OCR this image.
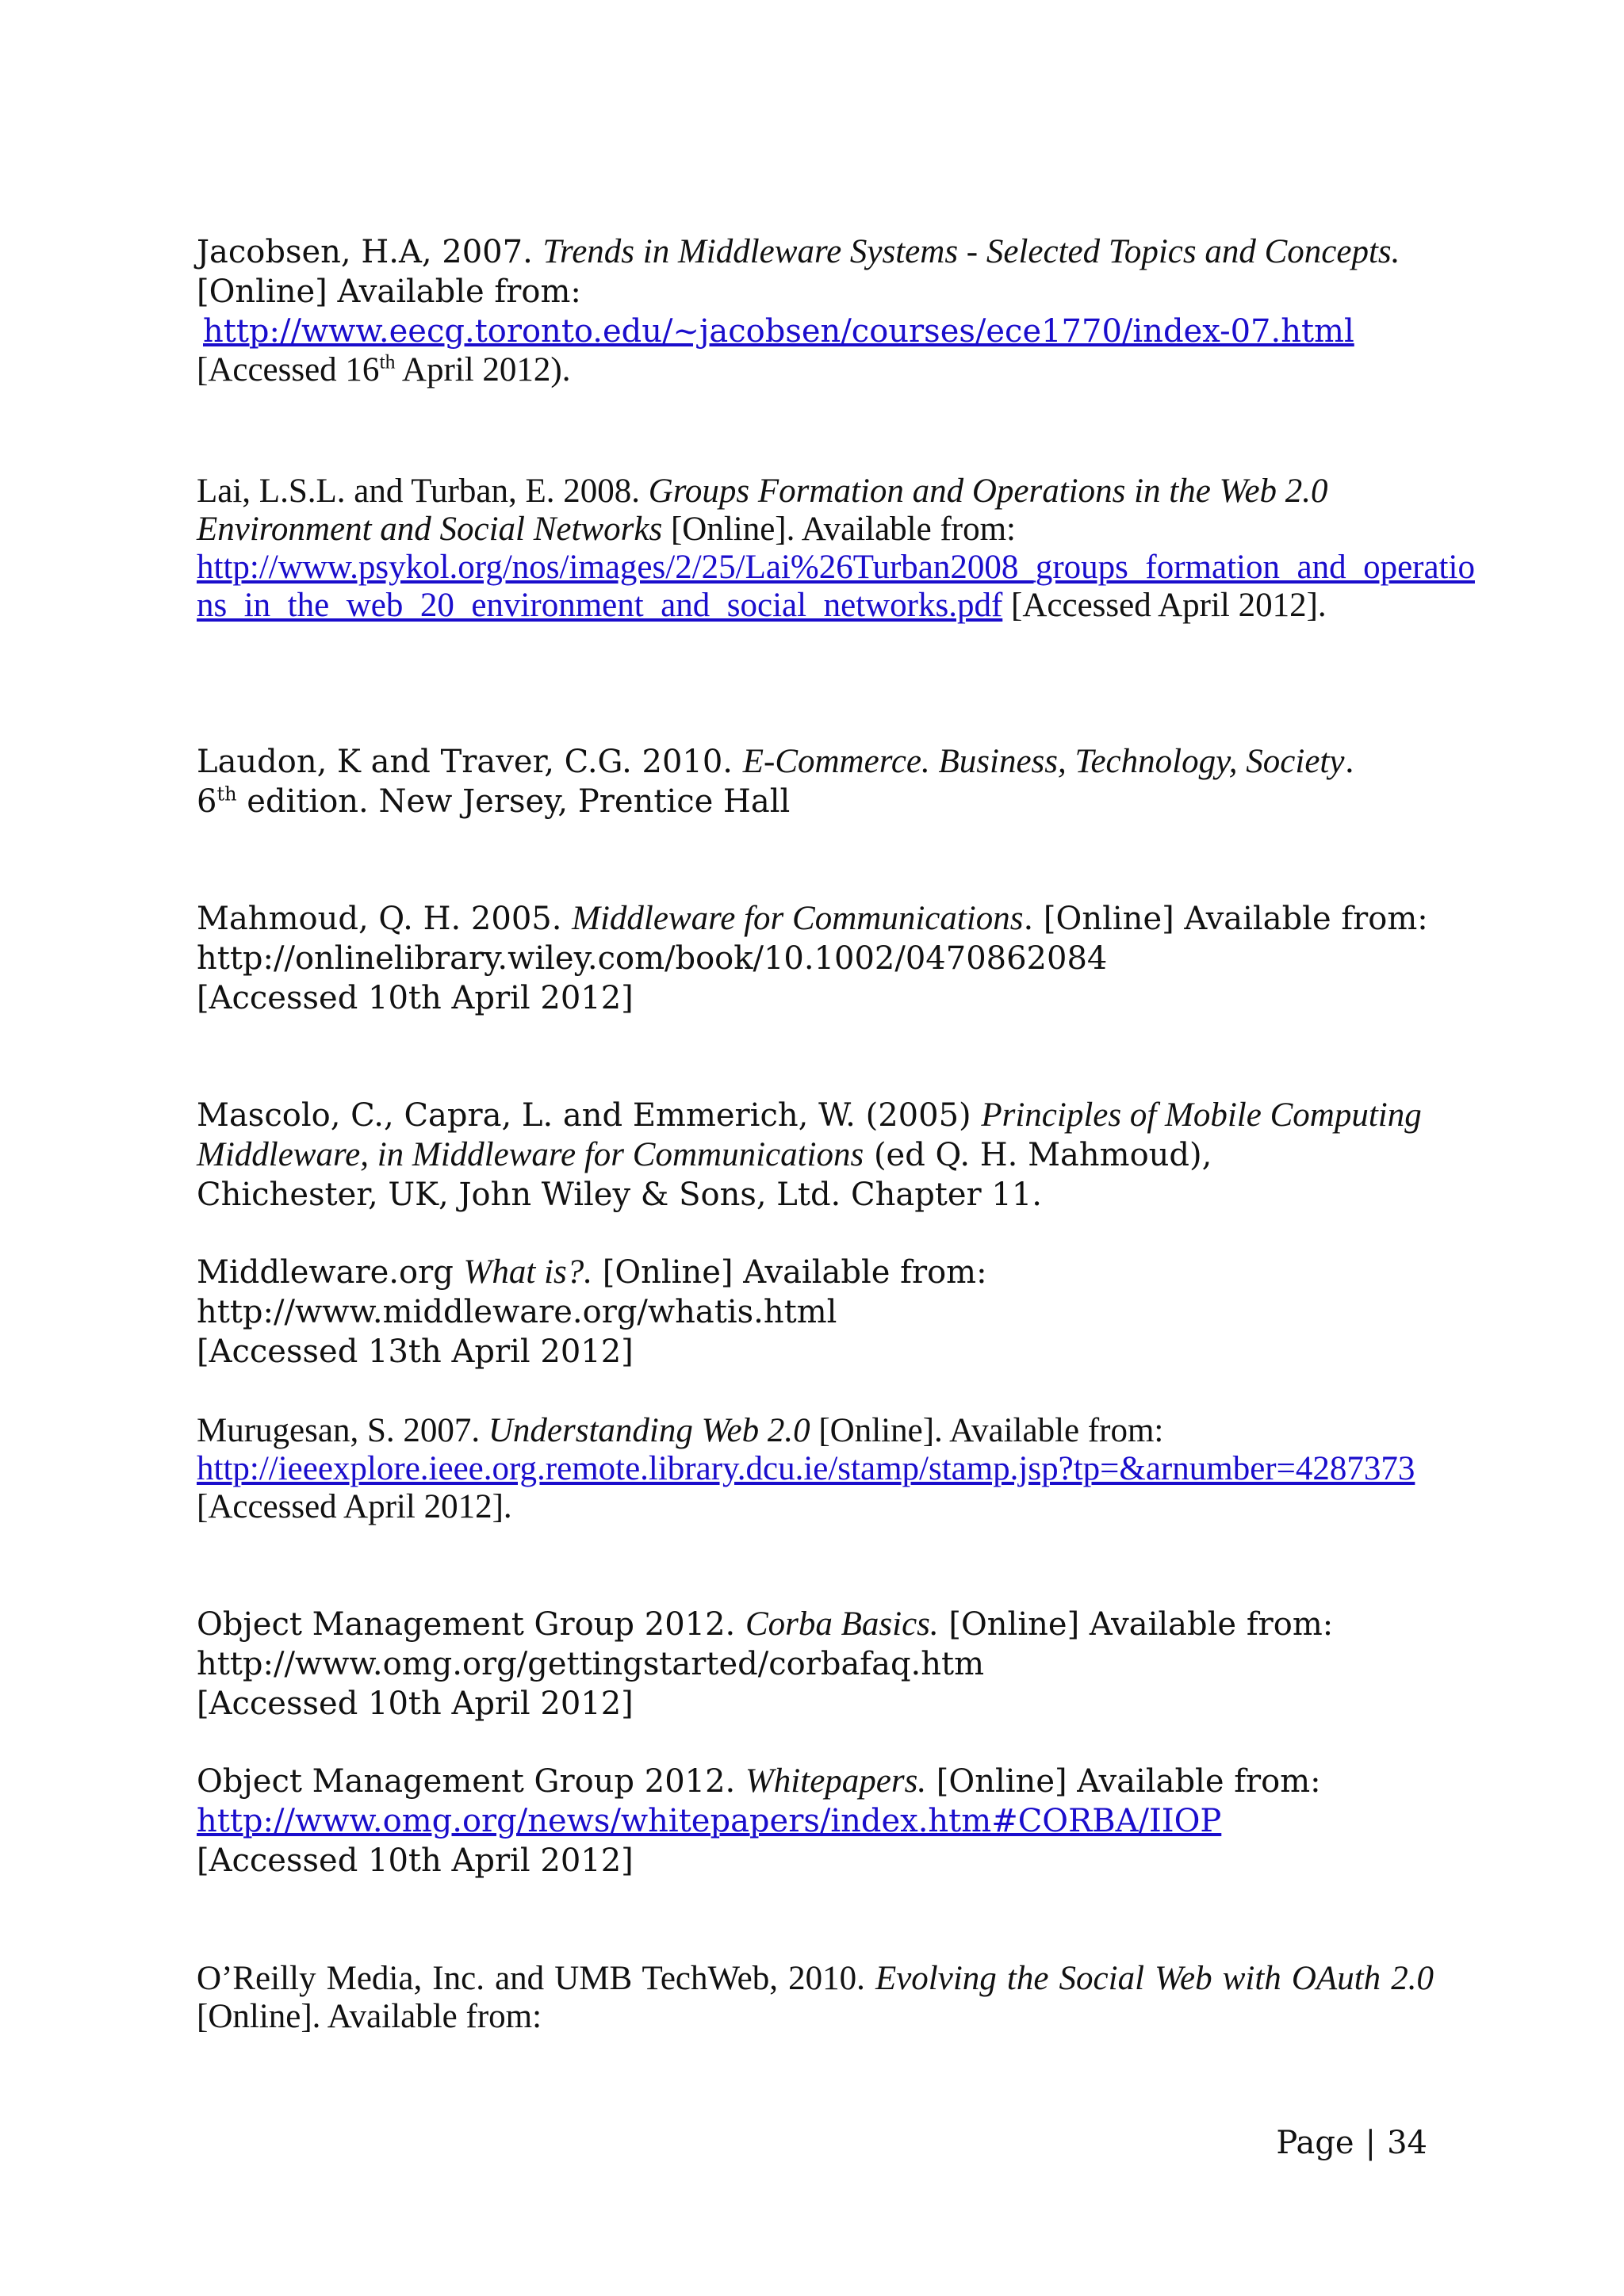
Jacobsen, H.A, 2007. Trends in Middleware Systems - Selected Topics and Concepts.
[Online] Available from:
http://www.eecg.toronto.edu/~jacobsen/courses/ece1770/index-07.html
[Accessed 16th April 2012).
Lai, L.S.L. and Turban, E. 2008. Groups Formation and Operations in the Web 2.0
Environment and Social Networks [Online]. Available from:
http://www.psykol.org/nos/images/2/25/Lai%26Turban2008_groups_formation_and_operatio
ns_in_the_web_20_environment_and_social_networks.pdf [Accessed April 2012].
Laudon, K and Traver, C.G. 2010. E-Commerce. Business, Technology, Society.
6th edition. New Jersey, Prentice Hall
Mahmoud, Q. H. 2005. Middleware for Communications. [Online] Available from:
http://onlinelibrary.wiley.com/book/10.1002/0470862084
[Accessed 10th April 2012]
Mascolo, C., Capra, L. and Emmerich, W. (2005) Principles of Mobile Computing
Middleware, in Middleware for Communications (ed Q. H. Mahmoud),
Chichester, UK, John Wiley & Sons, Ltd. Chapter 11.
Middleware.org What is?. [Online] Available from:
http://www.middleware.org/whatis.html
[Accessed 13th April 2012]
Murugesan, S. 2007. Understanding Web 2.0 [Online]. Available from:
http://ieeexplore.ieee.org.remote.library.dcu.ie/stamp/stamp.jsp?tp=&arnumber=4287373
[Accessed April 2012].
Object Management Group 2012. Corba Basics. [Online] Available from:
http://www.omg.org/gettingstarted/corbafaq.htm
[Accessed 10th April 2012]
Object Management Group 2012. Whitepapers. [Online] Available from:
http://www.omg.org/news/whitepapers/index.htm#CORBA/IIOP
[Accessed 10th April 2012]
O’Reilly Media, Inc. and UMB TechWeb, 2010. Evolving the Social Web with OAuth 2.0
[Online]. Available from:
Page | 34
